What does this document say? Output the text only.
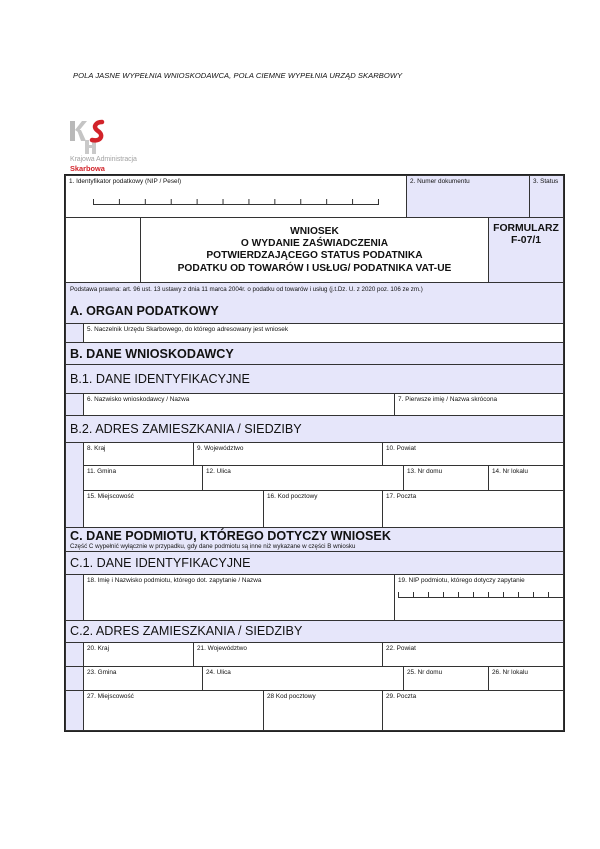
POLA JASNE WYPEŁNIA WNIOSKODAWCA, POLA CIEMNE WYPEŁNIA URZĄD SKARBOWY
Krajowa Administracja
Skarbowa
1. Identyfikator podatkowy (NIP / Pesel)	2. Numer dokumentu	3. Status
WNIOSEK
O WYDANIE ZAŚWIADCZENIA
POTWIERDZAJĄCEGO STATUS PODATNIKA
PODATKU OD TOWARÓW I USŁUG/ PODATNIKA VAT-UE
FORMULARZ
F-07/1
Podstawa prawna: art. 96 ust. 13 ustawy z dnia 11 marca 2004r. o podatku od towarów i usług (j.t.Dz. U. z 2020 poz. 106 ze zm.)
A. ORGAN PODATKOWY
5. Naczelnik Urzędu Skarbowego, do którego adresowany jest wniosek
B. DANE WNIOSKODAWCY
B.1. DANE IDENTYFIKACYJNE
6. Nazwisko wnioskodawcy / Nazwa	7. Pierwsze imię / Nazwa skrócona
B.2. ADRES ZAMIESZKANIA / SIEDZIBY
8. Kraj	9. Województwo	10. Powiat
11. Gmina	12. Ulica	13. Nr domu	14. Nr lokalu
15. Miejscowość	16. Kod pocztowy	17. Poczta
C. DANE PODMIOTU, KTÓREGO DOTYCZY WNIOSEK
Część C wypełnić wyłącznie w przypadku, gdy dane podmiotu są inne niż wykazane w części B wniosku
C.1. DANE IDENTYFIKACYJNE
18. Imię i Nazwisko podmiotu, którego dot. zapytanie / Nazwa	19. NIP podmiotu, którego dotyczy zapytanie
C.2. ADRES ZAMIESZKANIA / SIEDZIBY
20. Kraj	21. Województwo	22. Powiat
23. Gmina	24. Ulica	25. Nr domu	26. Nr lokalu
27. Miejscowość	28 Kod pocztowy	29. Poczta
